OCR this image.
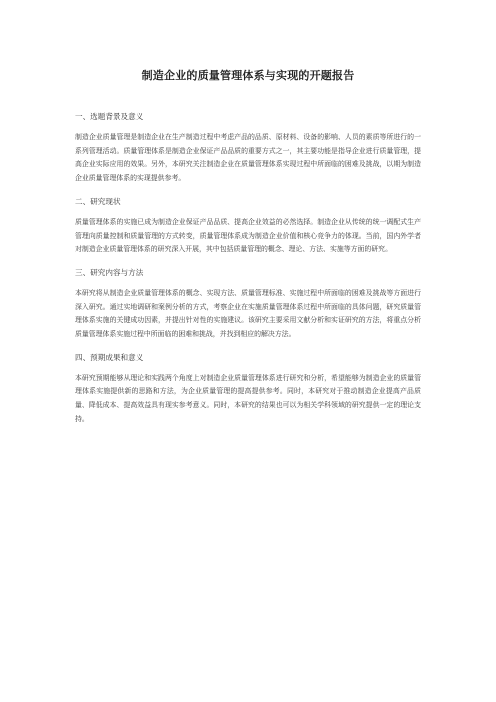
制造企业的质量管理体系与实现的开题报告
一、选题背景及意义

制造企业质量管理是制造企业在生产制造过程中考虑产品的品质、原材料、设备的影响、人员的素质等所进行的一系列管理活动。质量管理体系是制造企业保证产品品质的重要方式之一，其主要功能是指导企业进行质量管理，提高企业实际应用的效果。另外，本研究关注制造企业在质量管理体系实现过程中所面临的困难及挑战，以期为制造企业质量管理体系的实现提供参考。

二、研究现状

质量管理体系的实施已成为制造企业保证产品品质、提高企业效益的必然选择。制造企业从传统的统一调配式生产管理向质量控制和质量管理的方式转变，质量管理体系成为制造企业价值和核心竞争力的体现。当前，国内外学者对制造企业质量管理体系的研究深入开展，其中包括质量管理的概念、理论、方法、实施等方面的研究。

三、研究内容与方法

本研究将从制造企业质量管理体系的概念、实现方法、质量管理标准、实施过程中所面临的困难及挑战等方面进行深入研究。通过实地调研和案例分析的方式，考察企业在实施质量管理体系过程中所面临的具体问题，研究质量管理体系实施的关键成功因素，并提出针对性的实施建议。该研究主要采用文献分析和实证研究的方法，将重点分析质量管理体系实施过程中所面临的困难和挑战，并找到相应的解决方法。

四、预期成果和意义

本研究预期能够从理论和实践两个角度上对制造企业质量管理体系进行研究和分析，希望能够为制造企业的质量管理体系实施提供新的思路和方法，为企业质量管理的提高提供参考。同时，本研究对于推动制造企业提高产品质量、降低成本、提高效益具有现实参考意义。同时，本研究的结果也可以为相关学科领域的研究提供一定的理论支持。
